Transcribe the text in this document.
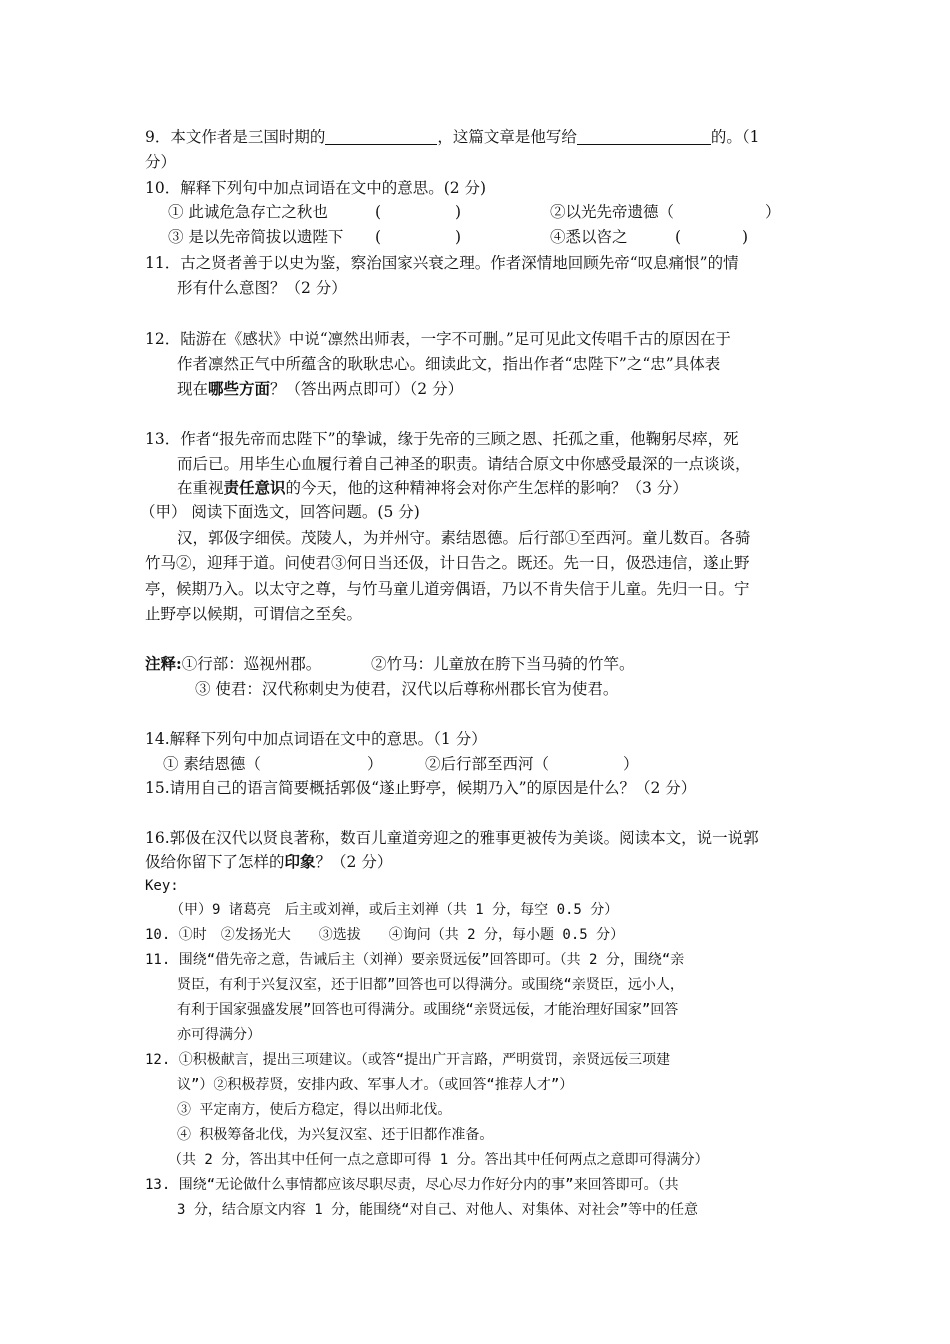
9．本文作者是三国时期的	，这篇文章是他写给	的。（1
分）
10．解释下列句中加点词语在文中的意思。(2 分)
① 此诚危急存亡之秋也	(	)	②以光先帝遗德（	）
③ 是以先帝简拔以遗陛下 (	)	④悉以咨之	(	)
11．古之贤者善于以史为鉴，察治国家兴衰之理。作者深情地回顾先帝“叹息痛恨”的情
形有什么意图？（2 分）
12．陆游在《感状》中说“凛然出师表，一字不可删。”足可见此文传唱千古的原因在于
作者凛然正气中所蕴含的耿耿忠心。细读此文，指出作者“忠陛下”之“忠”具体表
现在哪些方面？（答出两点即可）（2 分）
13．作者“报先帝而忠陛下”的挚诚，缘于先帝的三顾之恩、托孤之重，他鞠躬尽瘁，死
而后已。用毕生心血履行着自己神圣的职责。请结合原文中你感受最深的一点谈谈，
在重视责任意识的今天，他的这种精神将会对你产生怎样的影响？（3 分）
（甲） 阅读下面选文，回答问题。(5 分)
汉，郭伋字细侯。茂陵人，为并州守。素结恩德。后行部①至西河。童儿数百。各骑
竹马②，迎拜于道。问使君③何日当还伋，计日告之。既还。先一日，伋恐违信，遂止野
亭，候期乃入。以太守之尊，与竹马童儿道旁偶语，乃以不肯失信于儿童。先归一日。宁
止野亭以候期，可谓信之至矣。
注释:①行部：巡视州郡。	②竹马：儿童放在胯下当马骑的竹竿。
③ 使君：汉代称刺史为使君，汉代以后尊称州郡长官为使君。
14.解释下列句中加点词语在文中的意思。（1 分）
① 素结恩德（	）	②后行部至西河（	）
15.请用自己的语言简要概括郭伋“遂止野亭，候期乃入”的原因是什么？（2 分）
16.郭伋在汉代以贤良著称，数百儿童道旁迎之的雅事更被传为美谈。阅读本文，说一说郭
伋给你留下了怎样的印象？（2 分）
Key:
（甲）9 诸葛亮　后主或刘禅，或后主刘禅（共 1 分，每空 0.5 分）
10. ①时　②发扬光大　　③选拔　　④询问（共 2 分，每小题 0.5 分）
11. 围绕“借先帝之意，告诫后主（刘禅）要亲贤远佞”回答即可。（共 2 分，围绕“亲
贤臣，有利于兴复汉室，还于旧都”回答也可以得满分。或围绕“亲贤臣，远小人，
有利于国家强盛发展”回答也可得满分。或围绕“亲贤远佞，才能治理好国家”回答
亦可得满分）
12. ①积极献言，提出三项建议。（或答“提出广开言路，严明赏罚，亲贤远佞三项建
议”）②积极荐贤，安排内政、军事人才。（或回答“推荐人才”）
③ 平定南方，使后方稳定，得以出师北伐。
④ 积极筹备北伐，为兴复汉室、还于旧都作准备。
（共 2 分，答出其中任何一点之意即可得 1 分。答出其中任何两点之意即可得满分）
13. 围绕“无论做什么事情都应该尽职尽责，尽心尽力作好分内的事”来回答即可。（共
3 分，结合原文内容 1 分，能围绕“对自己、对他人、对集体、对社会”等中的任意
